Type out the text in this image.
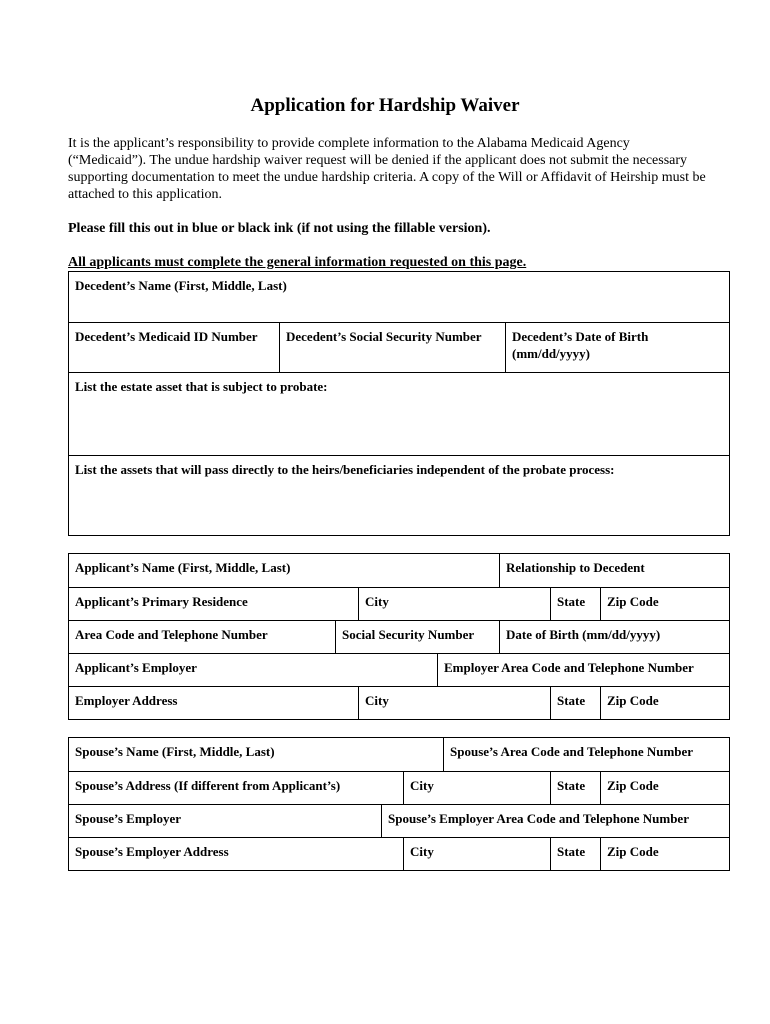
Application for Hardship Waiver

It is the applicant’s responsibility to provide complete information to the Alabama Medicaid Agency (“Medicaid”). The undue hardship waiver request will be denied if the applicant does not submit the necessary supporting documentation to meet the undue hardship criteria. A copy of the Will or Affidavit of Heirship must be attached to this application.

Please fill this out in blue or black ink (if not using the fillable version).
All applicants must complete the general information requested on this page.
Decedent’s Name (First, Middle, Last)
Decedent’s Medicaid ID Number	Decedent’s Social Security Number	Decedent’s Date of Birth
(mm/dd/yyyy)
List the estate asset that is subject to probate:
List the assets that will pass directly to the heirs/beneficiaries independent of the probate process:
Applicant’s Name (First, Middle, Last)	Relationship to Decedent
Applicant’s Primary Residence	City	State	Zip Code
Area Code and Telephone Number	Social Security Number	Date of Birth (mm/dd/yyyy)
Applicant’s Employer	Employer Area Code and Telephone Number
Employer Address	City	State	Zip Code
Spouse’s Name (First, Middle, Last)	Spouse’s Area Code and Telephone Number
Spouse’s Address (If different from Applicant’s)	City	State	Zip Code
Spouse’s Employer	Spouse’s Employer Area Code and Telephone Number
Spouse’s Employer Address	City	State	Zip Code
